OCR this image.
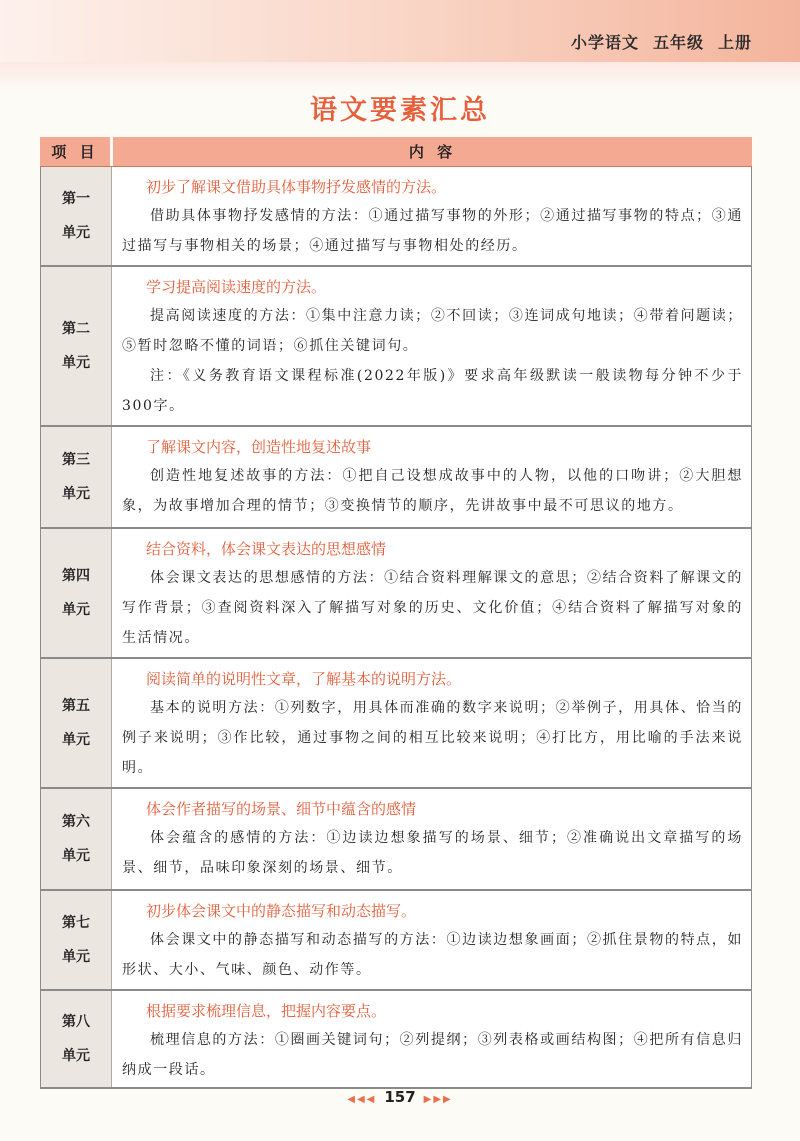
小学语文 五年级 上册
语文要素汇总
项 目	内 容
第一
单元
初步了解课文借助具体事物抒发感情的方法。
借助具体事物抒发感情的方法：①通过描写事物的外形；②通过描写事物的特点；③通过描写与事物相关的场景；④通过描写与事物相处的经历。
第二
单元
学习提高阅读速度的方法。
提高阅读速度的方法：①集中注意力读；②不回读；③连词成句地读；④带着问题读；⑤暂时忽略不懂的词语；⑥抓住关键词句。
注：《义务教育语文课程标准(2022年版)》要求高年级默读一般读物每分钟不少于300字。
第三
单元
了解课文内容，创造性地复述故事
创造性地复述故事的方法：①把自己设想成故事中的人物，以他的口吻讲；②大胆想象，为故事增加合理的情节；③变换情节的顺序，先讲故事中最不可思议的地方。
第四
单元
结合资料，体会课文表达的思想感情
体会课文表达的思想感情的方法：①结合资料理解课文的意思；②结合资料了解课文的写作背景；③查阅资料深入了解描写对象的历史、文化价值；④结合资料了解描写对象的生活情况。
第五
单元
阅读简单的说明性文章，了解基本的说明方法。
基本的说明方法：①列数字，用具体而准确的数字来说明；②举例子，用具体、恰当的例子来说明；③作比较，通过事物之间的相互比较来说明；④打比方，用比喻的手法来说明。
第六
单元
体会作者描写的场景、细节中蕴含的感情
体会蕴含的感情的方法：①边读边想象描写的场景、细节；②准确说出文章描写的场景、细节，品味印象深刻的场景、细节。
第七
单元
初步体会课文中的静态描写和动态描写。
体会课文中的静态描写和动态描写的方法：①边读边想象画面；②抓住景物的特点，如形状、大小、气味、颜色、动作等。
第八
单元
根据要求梳理信息，把握内容要点。
梳理信息的方法：①圈画关键词句；②列提纲；③列表格或画结构图；④把所有信息归纳成一段话。
◀◀◀ 157 ▶▶▶
